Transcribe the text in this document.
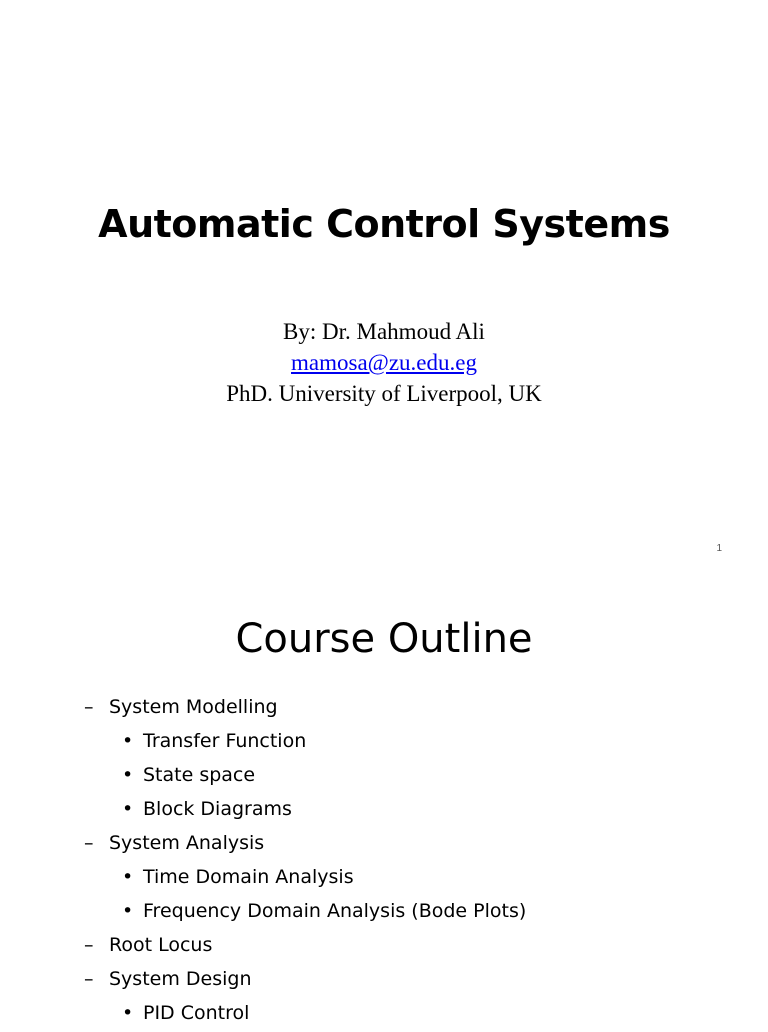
Automatic Control Systems
By: Dr. Mahmoud Ali
mamosa@zu.edu.eg
PhD. University of Liverpool, UK
1
Course Outline
– System Modelling
• Transfer Function
• State space
• Block Diagrams
– System Analysis
• Time Domain Analysis
• Frequency Domain Analysis (Bode Plots)
– Root Locus
– System Design
• PID Control
